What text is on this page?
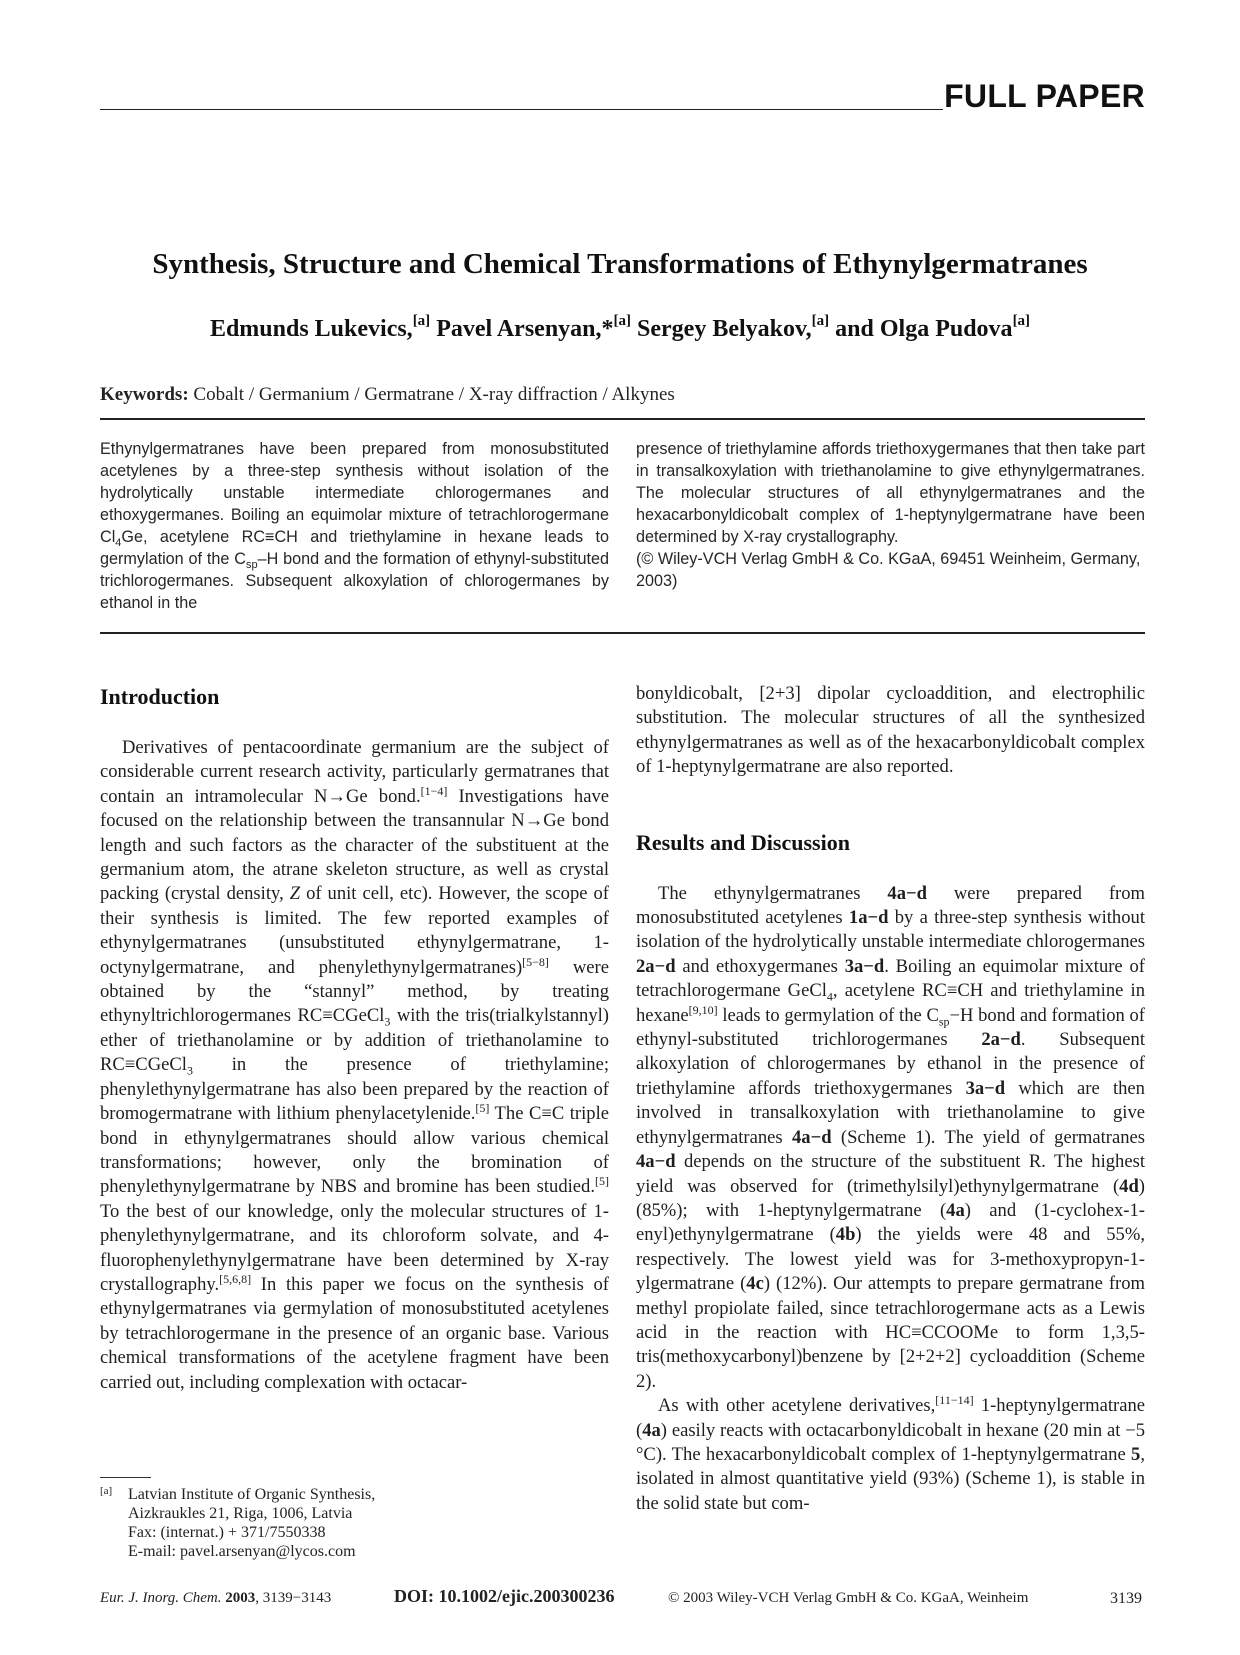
FULL PAPER
Synthesis, Structure and Chemical Transformations of Ethynylgermatranes
Edmunds Lukevics,[a] Pavel Arsenyan,*[a] Sergey Belyakov,[a] and Olga Pudova[a]
Keywords: Cobalt / Germanium / Germatrane / X-ray diffraction / Alkynes
Ethynylgermatranes have been prepared from monosubstituted acetylenes by a three-step synthesis without isolation of the hydrolytically unstable intermediate chlorogermanes and ethoxygermanes. Boiling an equimolar mixture of tetrachlorogermane $Cl_4Ge$, acetylene RC≡CH and triethylamine in hexane leads to germylation of the $C_{sp}-H$ bond and the formation of ethynyl-substituted trichlorogermanes. Subsequent alkoxylation of chlorogermanes by ethanol in the
presence of triethylamine affords triethoxygermanes that then take part in transalkoxylation with triethanolamine to give ethynylgermatranes. The molecular structures of all ethynylgermatranes and the hexacarbonyldicobalt complex of 1-heptynylgermatrane have been determined by X-ray crystallography.
(© Wiley-VCH Verlag GmbH & Co. KGaA, 69451 Weinheim, Germany, 2003)
Introduction

Derivatives of pentacoordinate germanium are the subject of considerable current research activity, particularly germatranes that contain an intramolecular N→Ge bond.[1−4] Investigations have focused on the relationship between the transannular N→Ge bond length and such factors as the character of the substituent at the germanium atom, the atrane skeleton structure, as well as crystal packing (crystal density, Z of unit cell, etc). However, the scope of their synthesis is limited. The few reported examples of ethynylgermatranes (unsubstituted ethynylgermatrane, 1-octynylgermatrane, and phenylethynylgermatranes)[5−8] were obtained by the “stannyl” method, by treating ethynyltrichlorogermanes RC≡CGeCl$_3$ with the tris(trialkylstannyl) ether of triethanolamine or by addition of triethanolamine to RC≡CGeCl$_3$ in the presence of triethylamine; phenylethynylgermatrane has also been prepared by the reaction of bromogermatrane with lithium phenylacetylenide.[5] The C≡C triple bond in ethynylgermatranes should allow various chemical transformations; however, only the bromination of phenylethynylgermatrane by NBS and bromine has been studied.[5] To the best of our knowledge, only the molecular structures of 1-phenylethynylgermatrane, and its chloroform solvate, and 4-fluorophenylethynylgermatrane have been determined by X-ray crystallography.[5,6,8] In this paper we focus on the synthesis of ethynylgermatranes via germylation of monosubstituted acetylenes by tetrachlorogermane in the presence of an organic base. Various chemical transformations of the acetylene fragment have been carried out, including complexation with octacar-

bonyldicobalt, [2+3] dipolar cycloaddition, and electrophilic substitution. The molecular structures of all the synthesized ethynylgermatranes as well as of the hexacarbonyldicobalt complex of 1-heptynylgermatrane are also reported.

Results and Discussion

The ethynylgermatranes 4a−d were prepared from monosubstituted acetylenes 1a−d by a three-step synthesis without isolation of the hydrolytically unstable intermediate chlorogermanes 2a−d and ethoxygermanes 3a−d. Boiling an equimolar mixture of tetrachlorogermane GeCl$_4$, acetylene RC≡CH and triethylamine in hexane[9,10] leads to germylation of the $C_{sp}-H$ bond and formation of ethynyl-substituted trichlorogermanes 2a−d. Subsequent alkoxylation of chlorogermanes by ethanol in the presence of triethylamine affords triethoxygermanes 3a−d which are then involved in transalkoxylation with triethanolamine to give ethynylgermatranes 4a−d (Scheme 1). The yield of germatranes 4a−d depends on the structure of the substituent R. The highest yield was observed for (trimethylsilyl)ethynylgermatrane (4d) (85%); with 1-heptynylgermatrane (4a) and (1-cyclohex-1-enyl)ethynylgermatrane (4b) the yields were 48 and 55%, respectively. The lowest yield was for 3-methoxypropyn-1-ylgermatrane (4c) (12%). Our attempts to prepare germatrane from methyl propiolate failed, since tetrachlorogermane acts as a Lewis acid in the reaction with HC≡CCOOMe to form 1,3,5-tris(methoxycarbonyl)benzene by [2+2+2] cycloaddition (Scheme 2).

As with other acetylene derivatives,[11−14] 1-heptynylgermatrane (4a) easily reacts with octacarbonyldicobalt in hexane (20 min at −5 °C). The hexacarbonyldicobalt complex of 1-heptynylgermatrane 5, isolated in almost quantitative yield (93%) (Scheme 1), is stable in the solid state but com-

[a] Latvian Institute of Organic Synthesis,
Aizkraukles 21, Riga, 1006, Latvia
Fax: (internat.) + 371/7550338
E-mail: pavel.arsenyan@lycos.com
Eur. J. Inorg. Chem. 2003, 3139−3143	DOI: 10.1002/ejic.200300236	© 2003 Wiley-VCH Verlag GmbH & Co. KGaA, Weinheim	3139
